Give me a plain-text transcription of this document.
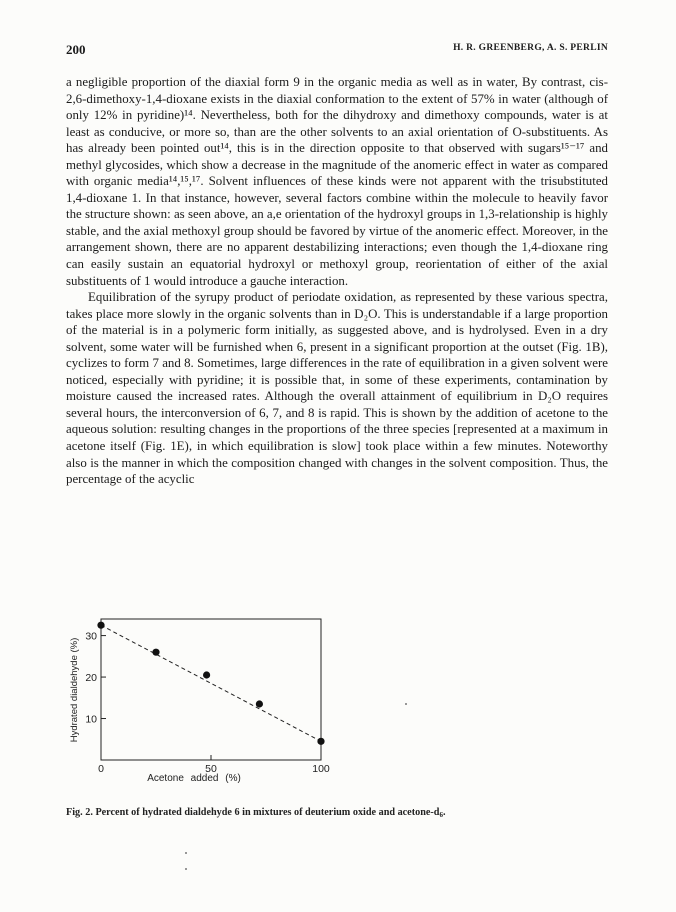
200	H. R. GREENBERG, A. S. PERLIN

a negligible proportion of the diaxial form 9 in the organic media as well as in water, By contrast, cis-2,6-dimethoxy-1,4-dioxane exists in the diaxial conformation to the extent of 57% in water (although of only 12% in pyridine)¹⁴. Nevertheless, both for the dihydroxy and dimethoxy compounds, water is at least as conducive, or more so, than are the other solvents to an axial orientation of O-substituents. As has already been pointed out¹⁴, this is in the direction opposite to that observed with sugars¹⁵⁻¹⁷ and methyl glycosides, which show a decrease in the magnitude of the anomeric effect in water as compared with organic media¹⁴,¹⁵,¹⁷. Solvent influences of these kinds were not apparent with the trisubstituted 1,4-dioxane 1. In that instance, however, several factors combine within the molecule to heavily favor the structure shown: as seen above, an a,e orientation of the hydroxyl groups in 1,3-relationship is highly stable, and the axial methoxyl group should be favored by virtue of the anomeric effect. Moreover, in the arrangement shown, there are no apparent destabilizing interactions; even though the 1,4-dioxane ring can easily sustain an equatorial hydroxyl or methoxyl group, reorientation of either of the axial substituents of 1 would introduce a gauche interaction.

Equilibration of the syrupy product of periodate oxidation, as represented by these various spectra, takes place more slowly in the organic solvents than in D₂O. This is understandable if a large proportion of the material is in a polymeric form initially, as suggested above, and is hydrolysed. Even in a dry solvent, some water will be furnished when 6, present in a significant proportion at the outset (Fig. 1B), cyclizes to form 7 and 8. Sometimes, large differences in the rate of equilibration in a given solvent were noticed, especially with pyridine; it is possible that, in some of these experiments, contamination by moisture caused the increased rates. Although the overall attainment of equilibrium in D₂O requires several hours, the interconversion of 6, 7, and 8 is rapid. This is shown by the addition of acetone to the aqueous solution: resulting changes in the proportions of the three species [represented at a maximum in acetone itself (Fig. 1E), in which equilibration is slow] took place within a few minutes. Noteworthy also is the manner in which the composition changed with changes in the solvent composition. Thus, the percentage of the acyclic

10
20
30
0	50	100
Hydrated dialdehyde (%)
Acetone added (%)
Fig. 2. Percent of hydrated dialdehyde 6 in mixtures of deuterium oxide and acetone-$d_6$.
